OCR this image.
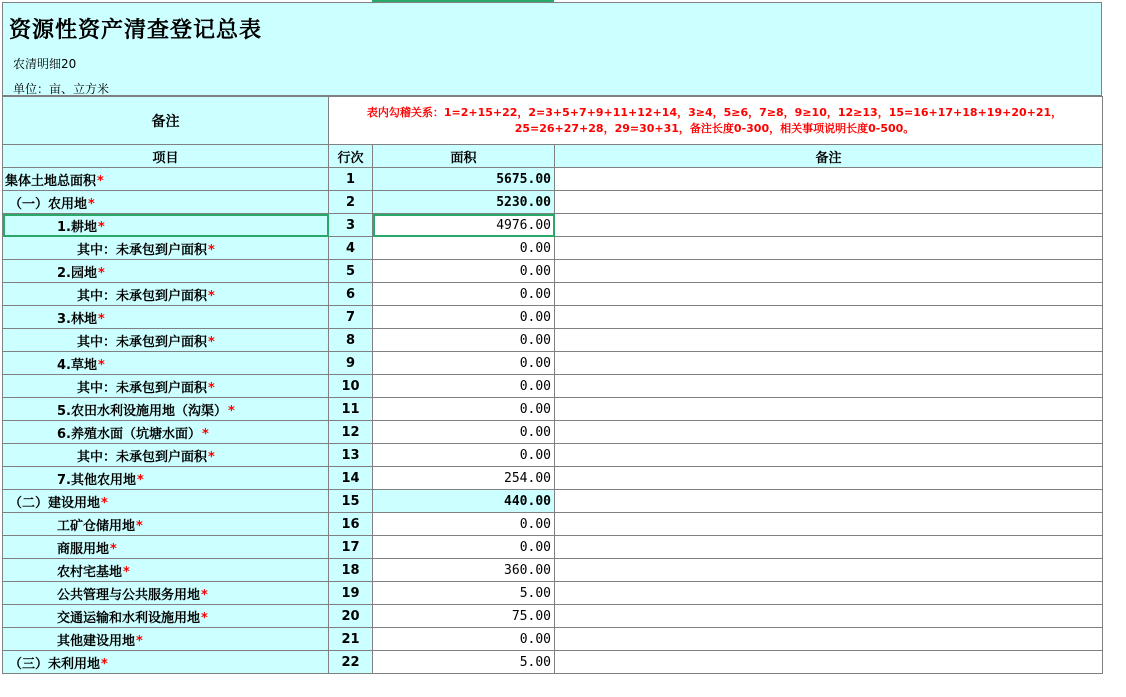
资源性资产清查登记总表
农清明细20
单位：亩、立方米
备注	表内勾稽关系：1=2+15+22，2=3+5+7+9+11+12+14，3≥4，5≥6，7≥8，9≥10，12≥13，15=16+17+18+19+20+21，25=26+27+28，29=30+31，备注长度0-300，相关事项说明长度0-500。		
项目	行次	面积	备注
集体土地总面积*	1	5675.00	
（一）农用地*	2	5230.00	
1.耕地*	3	4976.00	
其中：未承包到户面积*	4	0.00	
2.园地*	5	0.00	
其中：未承包到户面积*	6	0.00	
3.林地*	7	0.00	
其中：未承包到户面积*	8	0.00	
4.草地*	9	0.00	
其中：未承包到户面积*	10	0.00	
5.农田水利设施用地（沟渠）*	11	0.00	
6.养殖水面（坑塘水面）*	12	0.00	
其中：未承包到户面积*	13	0.00	
7.其他农用地*	14	254.00	
（二）建设用地*	15	440.00	
工矿仓储用地*	16	0.00	
商服用地*	17	0.00	
农村宅基地*	18	360.00	
公共管理与公共服务用地*	19	5.00	
交通运输和水利设施用地*	20	75.00	
其他建设用地*	21	0.00	
（三）未利用地*	22	5.00	
